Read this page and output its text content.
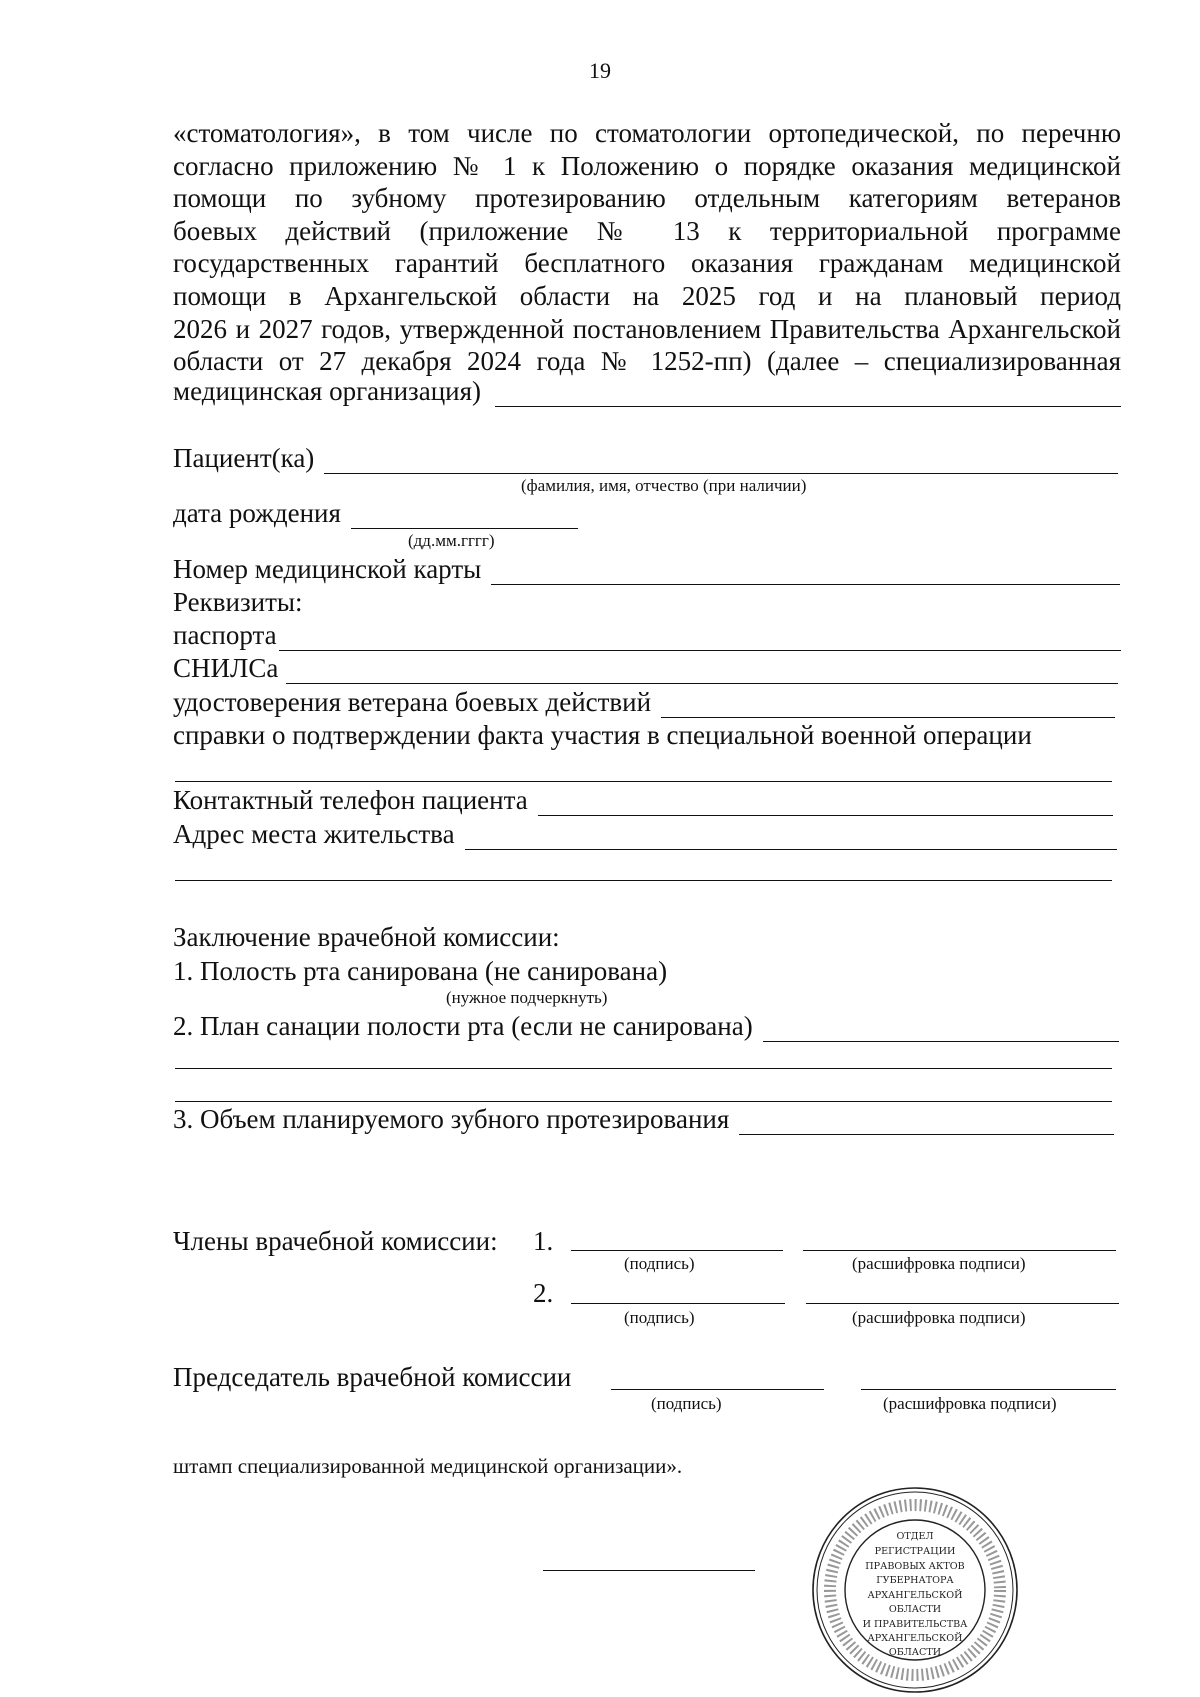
19
«стоматология», в том числе по стоматологии ортопедической, по перечню
согласно приложению № 1 к Положению о порядке оказания медицинской
помощи по зубному протезированию отдельным категориям ветеранов
боевых действий (приложение № 13 к территориальной программе
государственных гарантий бесплатного оказания гражданам медицинской
помощи в Архангельской области на 2025 год и на плановый период
2026 и 2027 годов, утвержденной постановлением Правительства Архангельской
области от 27 декабря 2024 года № 1252-пп) (далее – специализированная
медицинская организация)
Пациент(ка)
(фамилия, имя, отчество (при наличии)
дата рождения
(дд.мм.гггг)
Номер медицинской карты
Реквизиты:
паспорта
СНИЛСа
удостоверения ветерана боевых действий
справки о подтверждении факта участия в специальной военной операции
Контактный телефон пациента
Адрес места жительства
Заключение врачебной комиссии:
1. Полость рта санирована (не санирована)
(нужное подчеркнуть)
2. План санации полости рта (если не санирована)
3. Объем планируемого зубного протезирования
Члены врачебной комиссии: 1.
(подпись)	(расшифровка подписи)
2.
(подпись)	(расшифровка подписи)
Председатель врачебной комиссии
(подпись)	(расшифровка подписи)
штамп специализированной медицинской организации».
ОТДЕЛ
РЕГИСТРАЦИИ
ПРАВОВЫХ АКТОВ
ГУБЕРНАТОРА
АРХАНГЕЛЬСКОЙ
ОБЛАСТИ
И ПРАВИТЕЛЬСТВА
АРХАНГЕЛЬСКОЙ
ОБЛАСТИ
